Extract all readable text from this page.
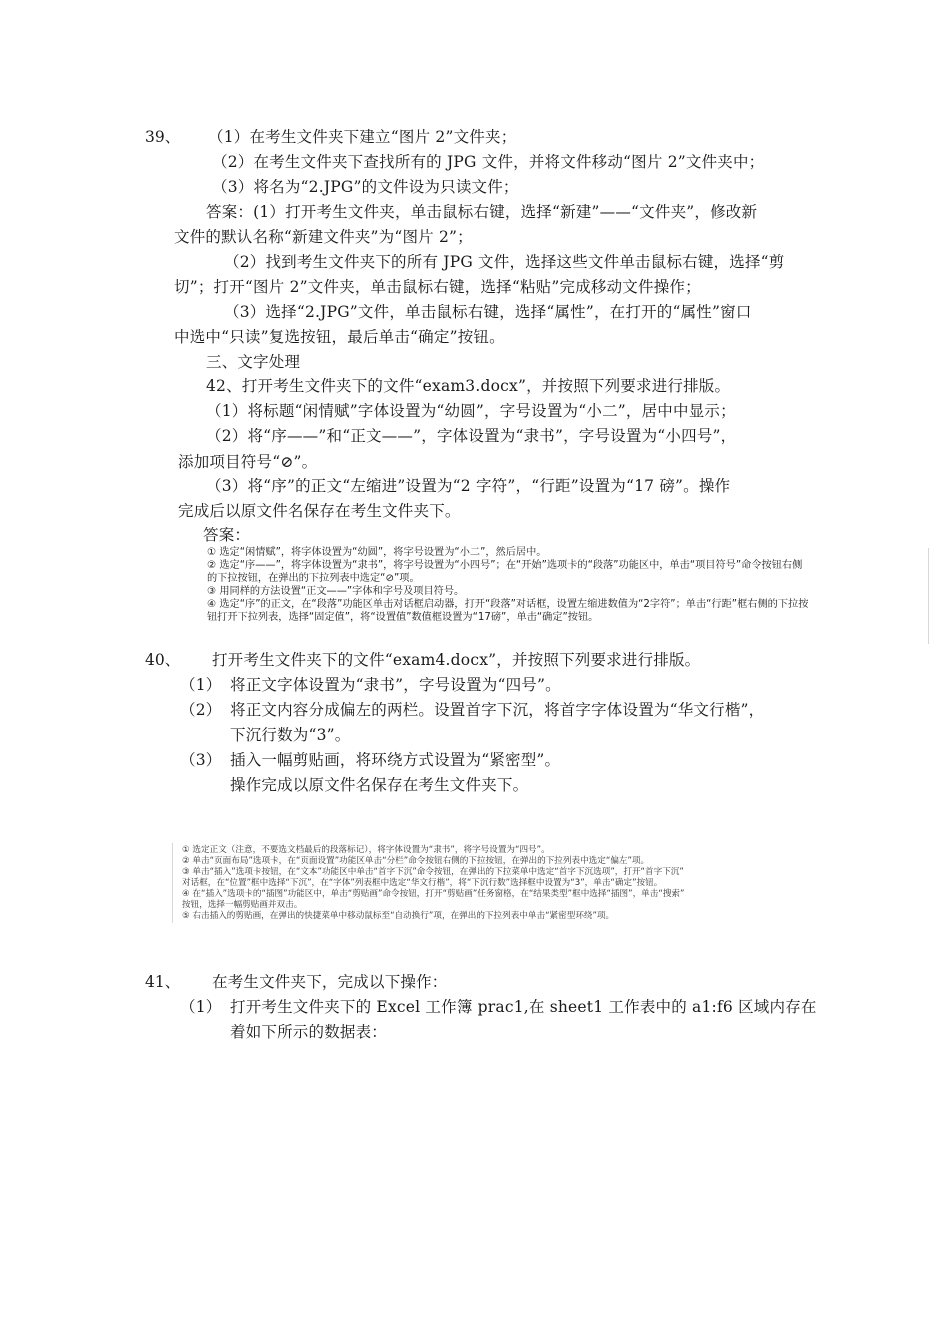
39、 （1）在考生文件夹下建立“图片 2”文件夹；
（2）在考生文件夹下查找所有的 JPG 文件，并将文件移动“图片 2”文件夹中；
（3）将名为“2.JPG”的文件设为只读文件；
答案：(1）打开考生文件夹，单击鼠标右键，选择“新建”——“文件夹”，修改新
文件的默认名称“新建文件夹”为“图片 2”；
（2）找到考生文件夹下的所有 JPG 文件，选择这些文件单击鼠标右键，选择“剪
切”；打开“图片 2”文件夹，单击鼠标右键，选择“粘贴”完成移动文件操作；
（3）选择“2.JPG”文件，单击鼠标右键，选择“属性”，在打开的“属性”窗口
中选中“只读”复选按钮，最后单击“确定”按钮。
三、文字处理
42、打开考生文件夹下的文件“exam3.docx”，并按照下列要求进行排版。
（1）将标题“闲情赋”字体设置为“幼圆”，字号设置为“小二”，居中中显示；
（2）将“序——”和“正文——”，字体设置为“隶书”，字号设置为“小四号”，
添加项目符号“⊘”。
（3）将“序”的正文“左缩进”设置为“2 字符”，“行距”设置为“17 磅”。操作
完成后以原文件名保存在考生文件夹下。
答案：
① 选定“闲情赋”，将字体设置为“幼圆”，将字号设置为“小二”，然后居中。
② 选定“序——”，将字体设置为“隶书”，将字号设置为“小四号”；在“开始”选项卡的“段落”功能区中，单击“项目符号”命令按钮右侧
的下拉按钮，在弹出的下拉列表中选定“⊘”项。
③ 用同样的方法设置“正文——”字体和字号及项目符号。
④ 选定“序”的正文，在“段落”功能区单击对话框启动器，打开“段落”对话框，设置左缩进数值为“2字符”；单击“行距”框右侧的下拉按
钮打开下拉列表，选择“固定值”，将“设置值”数值框设置为“17磅”，单击“确定”按钮。
40、 打开考生文件夹下的文件“exam4.docx”，并按照下列要求进行排版。
（1） 将正文字体设置为“隶书”，字号设置为“四号”。
（2） 将正文内容分成偏左的两栏。设置首字下沉，将首字字体设置为“华文行楷”，
下沉行数为“3”。
（3） 插入一幅剪贴画，将环绕方式设置为“紧密型”。
操作完成以原文件名保存在考生文件夹下。
① 选定正文（注意，不要选文档最后的段落标记），将字体设置为“隶书”，将字号设置为“四号”。
② 单击“页面布局”选项卡，在“页面设置”功能区单击“分栏”命令按钮右侧的下拉按钮，在弹出的下拉列表中选定“偏左”项。
③ 单击“插入”选项卡按钮，在“文本”功能区中单击“首字下沉”命令按钮，在弹出的下拉菜单中选定“首字下沉选项”，打开“首字下沉”
对话框，在“位置”框中选择“下沉”，在“字体”列表框中选定“华文行楷”，将“下沉行数”选择框中设置为“3”，单击“确定”按钮。
④ 在“插入”选项卡的“插图”功能区中，单击“剪贴画”命令按钮，打开“剪贴画”任务窗格，在“结果类型”框中选择“插图”，单击“搜索”
按钮，选择一幅剪贴画并双击。
⑤ 右击插入的剪贴画，在弹出的快捷菜单中移动鼠标至“自动换行”项，在弹出的下拉列表中单击“紧密型环绕”项。
41、 在考生文件夹下，完成以下操作：
（1） 打开考生文件夹下的 Excel 工作簿 prac1,在 sheet1 工作表中的 a1:f6 区域内存在
着如下所示的数据表：
